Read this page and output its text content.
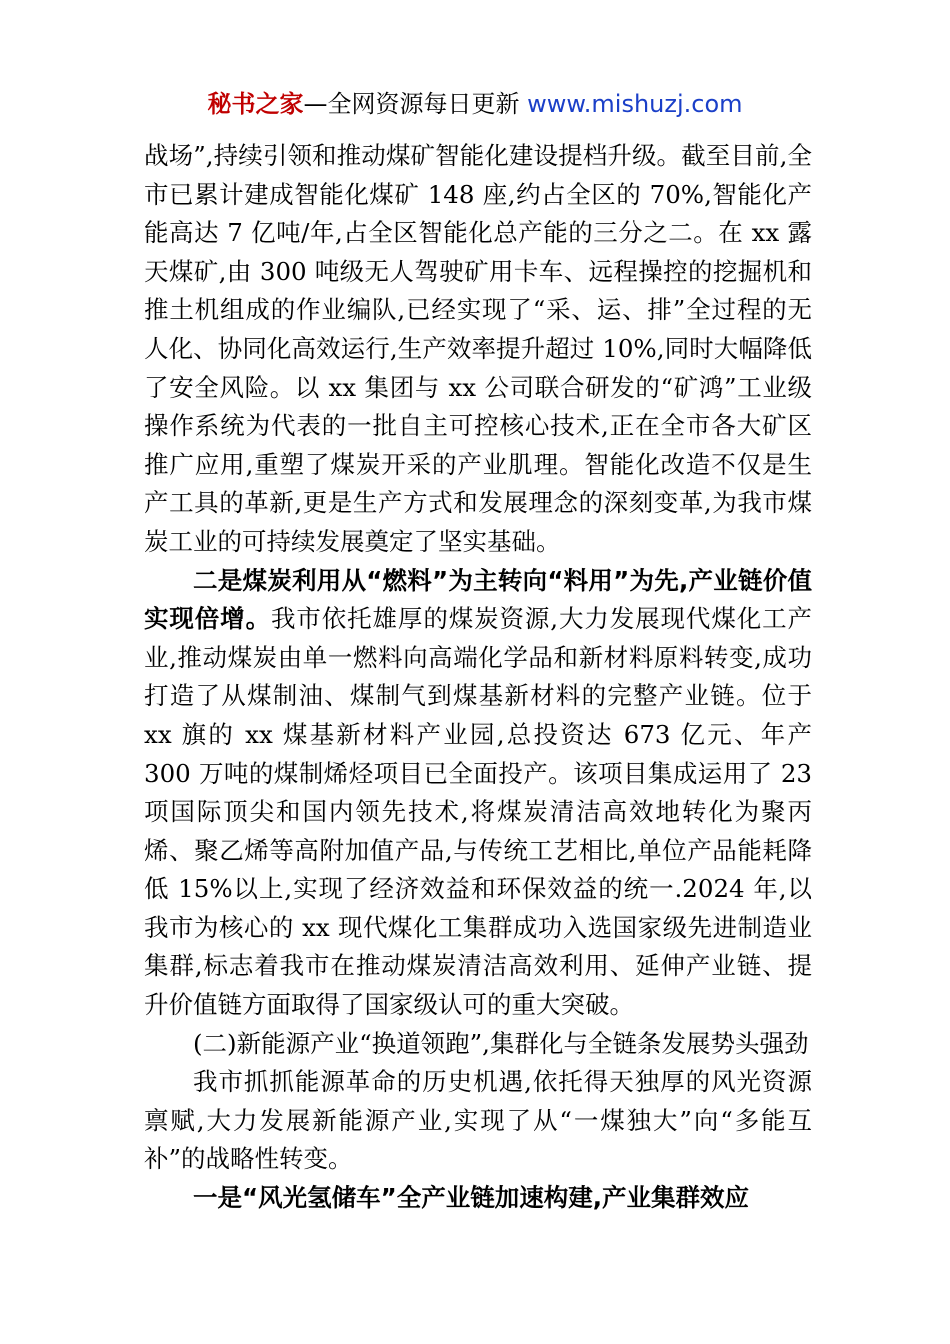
秘书之家—全网资源每日更新 www.mishuzj.com

战场”,持续引领和推动煤矿智能化建设提档升级。截至目前,全市已累计建成智能化煤矿 148 座,约占全区的 70%,智能化产能高达 7 亿吨/年,占全区智能化总产能的三分之二。在 xx 露天煤矿,由 300 吨级无人驾驶矿用卡车、远程操控的挖掘机和推土机组成的作业编队,已经实现了“采、运、排”全过程的无人化、协同化高效运行,生产效率提升超过 10%,同时大幅降低了安全风险。以 xx 集团与 xx 公司联合研发的“矿鸿”工业级操作系统为代表的一批自主可控核心技术,正在全市各大矿区推广应用,重塑了煤炭开采的产业肌理。智能化改造不仅是生产工具的革新,更是生产方式和发展理念的深刻变革,为我市煤炭工业的可持续发展奠定了坚实基础。

二是煤炭利用从“燃料”为主转向“料用”为先,产业链价值实现倍增。我市依托雄厚的煤炭资源,大力发展现代煤化工产业,推动煤炭由单一燃料向高端化学品和新材料原料转变,成功打造了从煤制油、煤制气到煤基新材料的完整产业链。位于 xx 旗的 xx 煤基新材料产业园,总投资达 673 亿元、年产 300 万吨的煤制烯烃项目已全面投产。该项目集成运用了 23 项国际顶尖和国内领先技术,将煤炭清洁高效地转化为聚丙烯、聚乙烯等高附加值产品,与传统工艺相比,单位产品能耗降低 15%以上,实现了经济效益和环保效益的统一.2024 年,以我市为核心的 xx 现代煤化工集群成功入选国家级先进制造业集群,标志着我市在推动煤炭清洁高效利用、延伸产业链、提升价值链方面取得了国家级认可的重大突破。

(二)新能源产业“换道领跑”,集群化与全链条发展势头强劲

我市抓抓能源革命的历史机遇,依托得天独厚的风光资源禀赋,大力发展新能源产业,实现了从“一煤独大”向“多能互补”的战略性转变。

一是“风光氢储车”全产业链加速构建,产业集群效应
